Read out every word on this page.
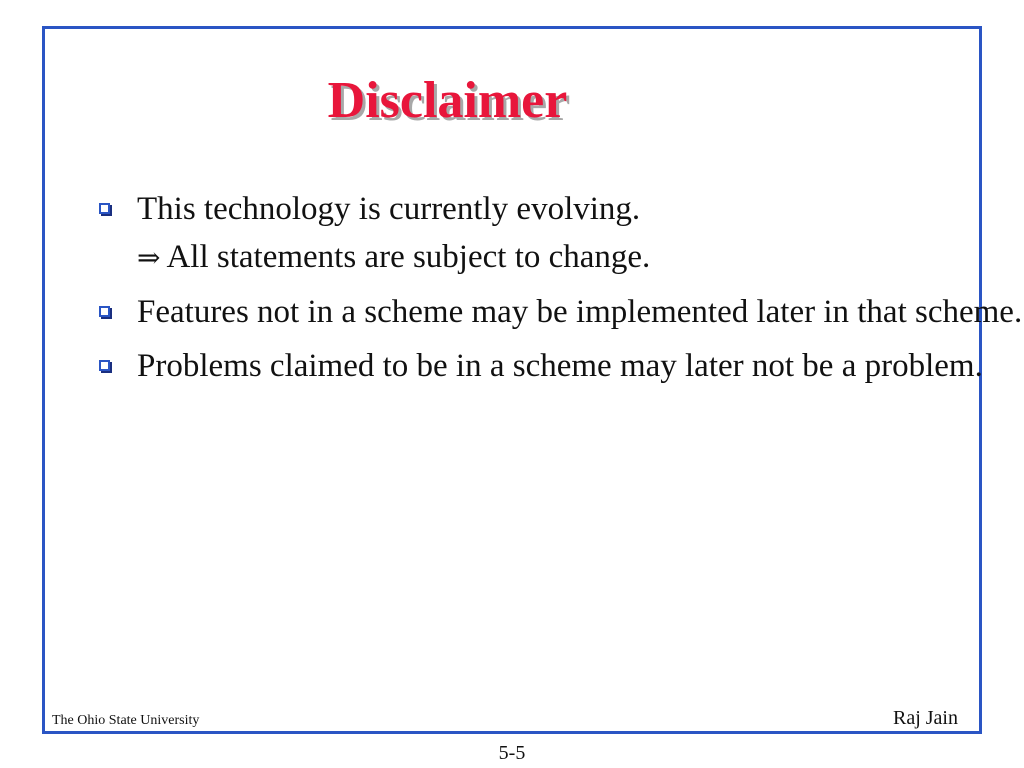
Disclaimer
This technology is currently evolving.
⇒ All statements are subject to change.
Features not in a scheme may be implemented later in that scheme.
Problems claimed to be in a scheme may later not be a problem.
The Ohio State University	Raj Jain
5-5
